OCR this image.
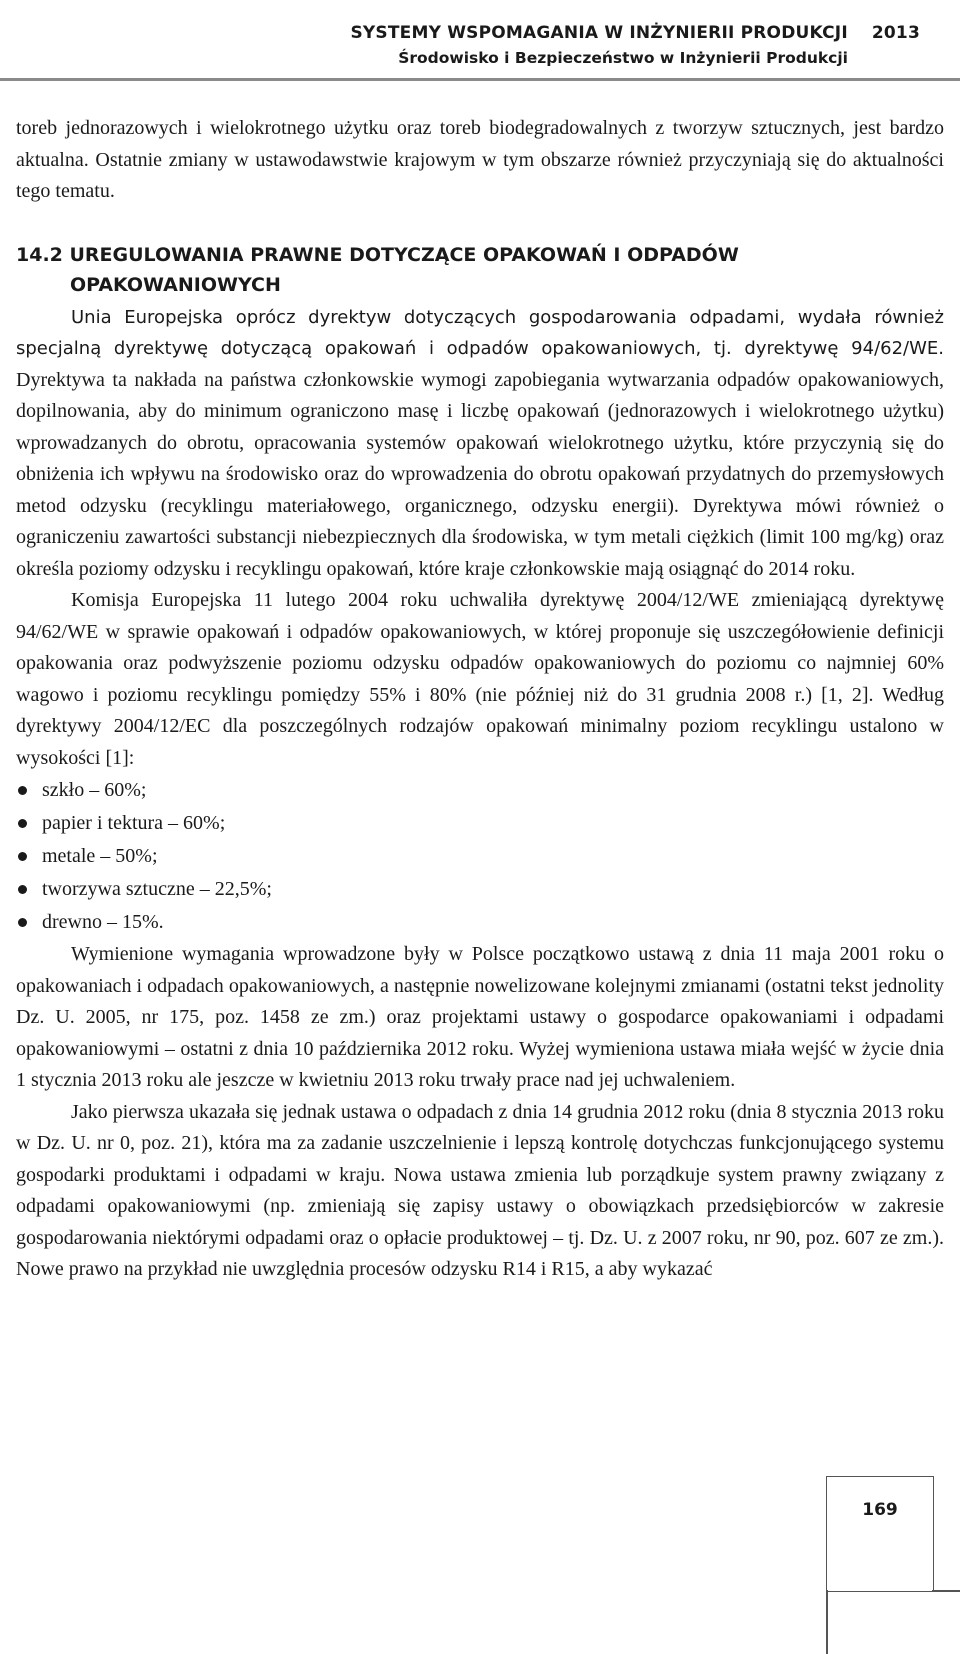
SYSTEMY WSPOMAGANIA W INŻYNIERII PRODUKCJI 2013
Środowisko i Bezpieczeństwo w Inżynierii Produkcji

toreb jednorazowych i wielokrotnego użytku oraz toreb biodegradowalnych z tworzyw sztucznych, jest bardzo aktualna. Ostatnie zmiany w ustawodawstwie krajowym w tym obszarze również przyczyniają się do aktualności tego tematu.

14.2 UREGULOWANIA PRAWNE DOTYCZĄCE OPAKOWAŃ I ODPADÓW
OPAKOWANIOWYCH

Unia Europejska oprócz dyrektyw dotyczących gospodarowania odpadami, wydała również specjalną dyrektywę dotyczącą opakowań i odpadów opakowaniowych, tj. dyrektywę 94/62/WE. Dyrektywa ta nakłada na państwa członkowskie wymogi zapobiegania wytwarzania odpadów opakowaniowych, dopilnowania, aby do minimum ograniczono masę i liczbę opakowań (jednorazowych i wielokrotnego użytku) wprowadzanych do obrotu, opracowania systemów opakowań wielokrotnego użytku, które przyczynią się do obniżenia ich wpływu na środowisko oraz do wprowadzenia do obrotu opakowań przydatnych do przemysłowych metod odzysku (recyklingu materiałowego, organicznego, odzysku energii). Dyrektywa mówi również o ograniczeniu zawartości substancji niebezpiecznych dla środowiska, w tym metali ciężkich (limit 100 mg/kg) oraz określa poziomy odzysku i recyklingu opakowań, które kraje członkowskie mają osiągnąć do 2014 roku.

Komisja Europejska 11 lutego 2004 roku uchwaliła dyrektywę 2004/12/WE zmieniającą dyrektywę 94/62/WE w sprawie opakowań i odpadów opakowaniowych, w której proponuje się uszczegółowienie definicji opakowania oraz podwyższenie poziomu odzysku odpadów opakowaniowych do poziomu co najmniej 60% wagowo i poziomu recyklingu pomiędzy 55% i 80% (nie później niż do 31 grudnia 2008 r.) [1, 2]. Według dyrektywy 2004/12/EC dla poszczególnych rodzajów opakowań minimalny poziom recyklingu ustalono w wysokości [1]:

szkło – 60%;
papier i tektura – 60%;
metale – 50%;
tworzywa sztuczne – 22,5%;
drewno – 15%.

Wymienione wymagania wprowadzone były w Polsce początkowo ustawą z dnia 11 maja 2001 roku o opakowaniach i odpadach opakowaniowych, a następnie nowelizowane kolejnymi zmianami (ostatni tekst jednolity Dz. U. 2005, nr 175, poz. 1458 ze zm.) oraz projektami ustawy o gospodarce opakowaniami i odpadami opakowaniowymi – ostatni z dnia 10 października 2012 roku. Wyżej wymieniona ustawa miała wejść w życie dnia 1 stycznia 2013 roku ale jeszcze w kwietniu 2013 roku trwały prace nad jej uchwaleniem.

Jako pierwsza ukazała się jednak ustawa o odpadach z dnia 14 grudnia 2012 roku (dnia 8 stycznia 2013 roku w Dz. U. nr 0, poz. 21), która ma za zadanie uszczelnienie i lepszą kontrolę dotychczas funkcjonującego systemu gospodarki produktami i odpadami w kraju. Nowa ustawa zmienia lub porządkuje system prawny związany z odpadami opakowaniowymi (np. zmieniają się zapisy ustawy o obowiązkach przedsiębiorców w zakresie gospodarowania niektórymi odpadami oraz o opłacie produktowej – tj. Dz. U. z 2007 roku, nr 90, poz. 607 ze zm.). Nowe prawo na przykład nie uwzględnia procesów odzysku R14 i R15, a aby wykazać

169
